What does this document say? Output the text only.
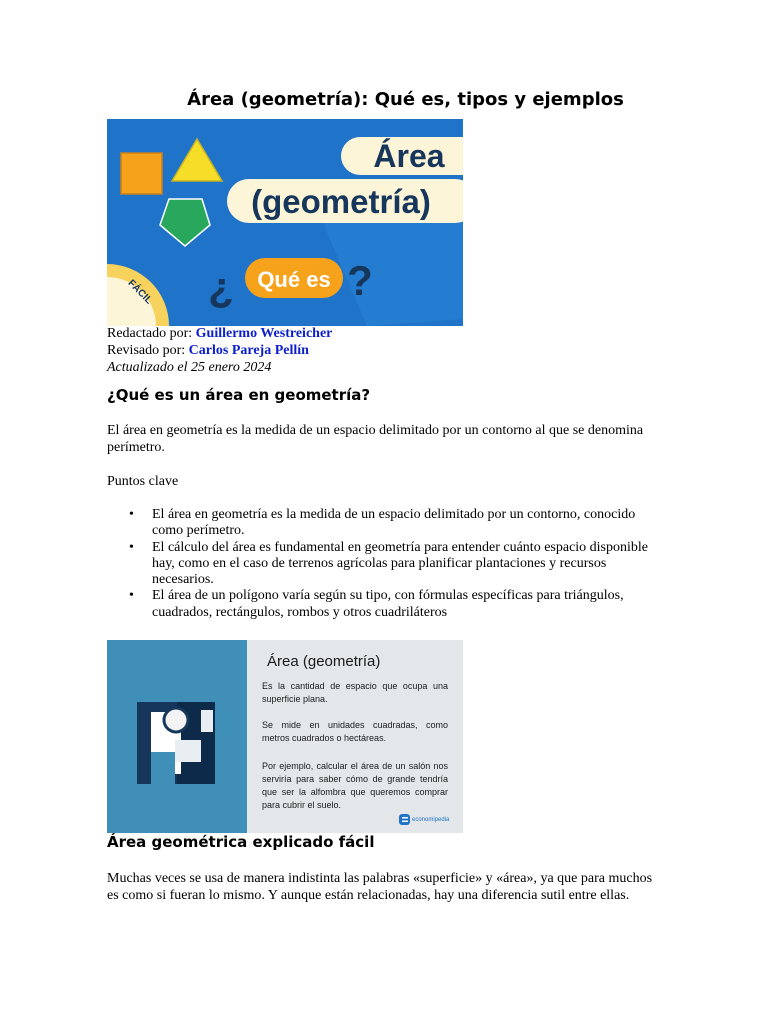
Área (geometría): Qué es, tipos y ejemplos
Área
(geometría)
¿ Qué es ?
FÁCIL
Redactado por: Guillermo Westreicher
Revisado por: Carlos Pareja Pellín
Actualizado el 25 enero 2024
¿Qué es un área en geometría?

El área en geometría es la medida de un espacio delimitado por un contorno al que se denomina perímetro.

Puntos clave

• El área en geometría es la medida de un espacio delimitado por un contorno, conocido como perímetro.
• El cálculo del área es fundamental en geometría para entender cuánto espacio disponible hay, como en el caso de terrenos agrícolas para planificar plantaciones y recursos necesarios.
• El área de un polígono varía según su tipo, con fórmulas específicas para triángulos, cuadrados, rectángulos, rombos y otros cuadriláteros
Área (geometría)
Es la cantidad de espacio que ocupa una superficie plana.
Se mide en unidades cuadradas, como metros cuadrados o hectáreas.
Por ejemplo, calcular el área de un salón nos serviría para saber cómo de grande tendría que ser la alfombra que queremos comprar para cubrir el suelo.
economipedia
Área geométrica explicado fácil

Muchas veces se usa de manera indistinta las palabras «superficie» y «área», ya que para muchos es como si fueran lo mismo. Y aunque están relacionadas, hay una diferencia sutil entre ellas.
